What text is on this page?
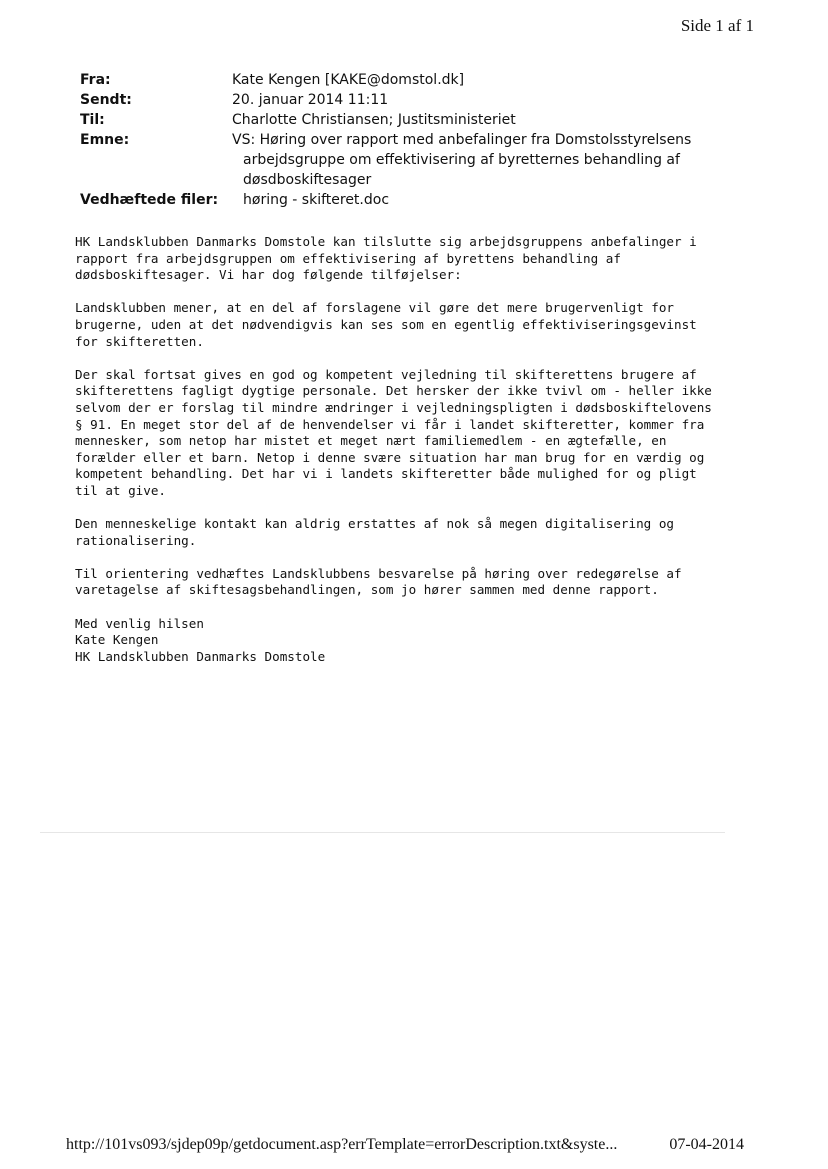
Side 1 af 1
Fra:	Kate Kengen [KAKE@domstol.dk]
Sendt:	20. januar 2014 11:11
Til:	Charlotte Christiansen; Justitsministeriet
Emne:	VS: Høring over rapport med anbefalinger fra Domstolsstyrelsens
arbejdsgruppe om effektivisering af byretternes behandling af
døsdboskiftesager
Vedhæftede filer:	høring - skifteret.doc

HK Landsklubben Danmarks Domstole kan tilslutte sig arbejdsgruppens anbefalinger i
rapport fra arbejdsgruppen om effektivisering af byrettens behandling af
dødsboskiftesager. Vi har dog følgende tilføjelser:

Landsklubben mener, at en del af forslagene vil gøre det mere brugervenligt for
brugerne, uden at det nødvendigvis kan ses som en egentlig effektiviseringsgevinst
for skifteretten.

Der skal fortsat gives en god og kompetent vejledning til skifterettens brugere af
skifterettens fagligt dygtige personale. Det hersker der ikke tvivl om - heller ikke
selvom der er forslag til mindre ændringer i vejledningspligten i dødsboskiftelovens
§ 91. En meget stor del af de henvendelser vi får i landet skifteretter, kommer fra
mennesker, som netop har mistet et meget nært familiemedlem - en ægtefælle, en
forælder eller et barn. Netop i denne svære situation har man brug for en værdig og
kompetent behandling. Det har vi i landets skifteretter både mulighed for og pligt
til at give.

Den menneskelige kontakt kan aldrig erstattes af nok så megen digitalisering og
rationalisering.

Til orientering vedhæftes Landsklubbens besvarelse på høring over redegørelse af
varetagelse af skiftesagsbehandlingen, som jo hører sammen med denne rapport.

Med venlig hilsen
Kate Kengen
HK Landsklubben Danmarks Domstole
http://101vs093/sjdep09p/getdocument.asp?errTemplate=errorDescription.txt&syste...	07-04-2014
